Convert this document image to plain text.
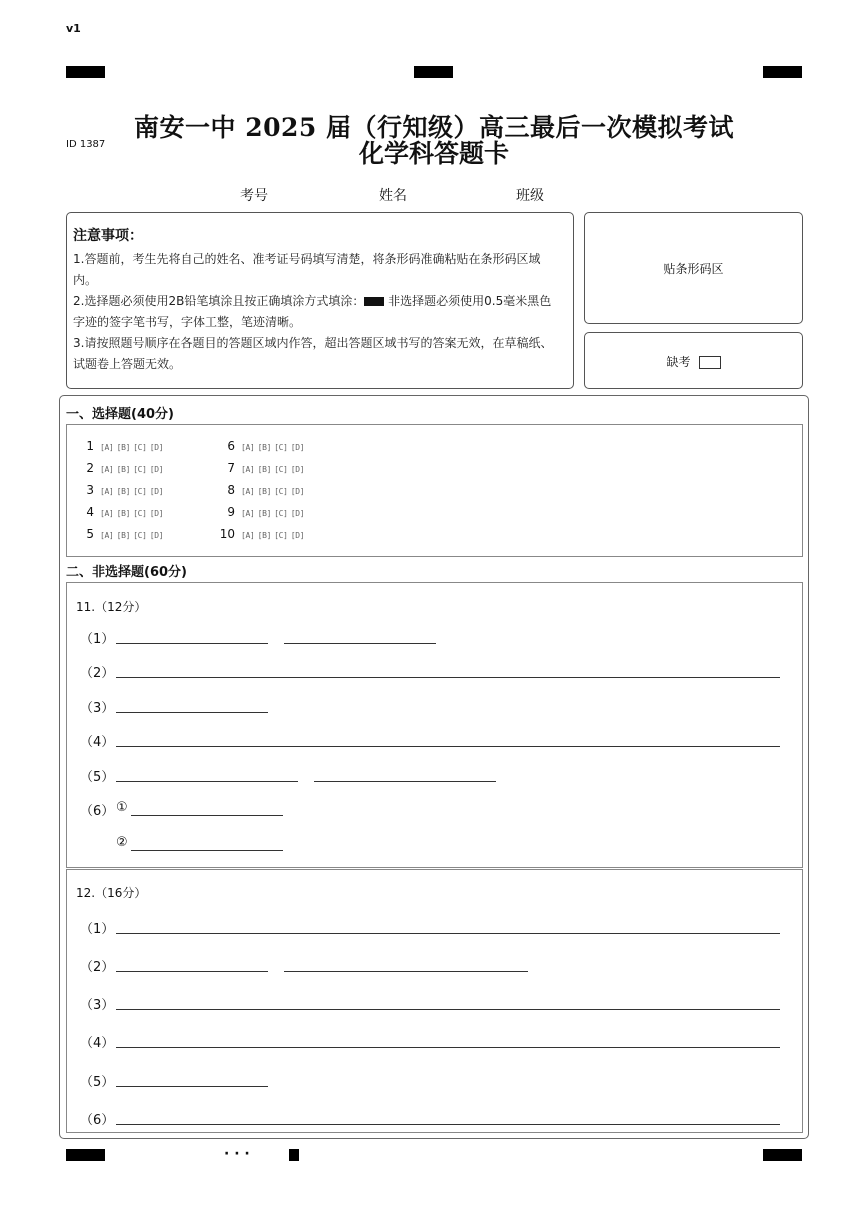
· · ·
v1
ID 1387
南安一中 2025 届（行知级）高三最后一次模拟考试
化学科答题卡
考号	姓名	班级
注意事项：
1.答题前，考生先将自己的姓名、准考证号码填写清楚，将条形码准确粘贴在条形码区域内。
2.选择题必须使用2B铅笔填涂且按正确填涂方式填涂： 非选择题必须使用0.5毫米黑色字迹的签字笔书写，字体工整，笔迹清晰。
3.请按照题号顺序在各题目的答题区域内作答，超出答题区域书写的答案无效，在草稿纸、试题卷上答题无效。
贴条形码区
缺考
一、选择题(40分)
1 [A] [B] [C] [D]
2 [A] [B] [C] [D]
3 [A] [B] [C] [D]
4 [A] [B] [C] [D]
5 [A] [B] [C] [D]
6 [A] [B] [C] [D]
7 [A] [B] [C] [D]
8 [A] [B] [C] [D]
9 [A] [B] [C] [D]
10 [A] [B] [C] [D]
二、非选择题(60分)
11.（12分）
（1）
（2）
（3）
（4）
（5）
（6） ①
②
12.（16分）
（1）
（2）
（3）
（4）
（5）
（6）
